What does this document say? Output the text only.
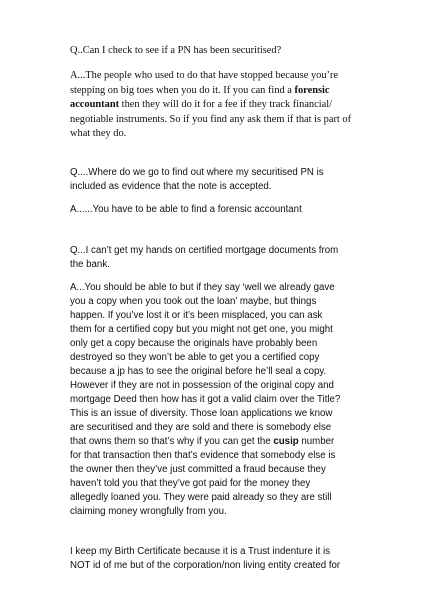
Q..Can I check to see if a PN has been securitised?

A...The people who used to do that have stopped because you’re
stepping on big toes when you do it. If you can find a forensic
accountant then they will do it for a fee if they track financial/
negotiable instruments. So if you find any ask them if that is part of
what they do.

Q....Where do we go to find out where my securitised PN is
included as evidence that the note is accepted.

A......You have to be able to find a forensic accountant

Q...I can’t get my hands on certified mortgage documents from
the bank.

A...You should be able to but if they say ‘well we already gave
you a copy when you took out the loan’ maybe, but things
happen. If you’ve lost it or it’s been misplaced, you can ask
them for a certified copy but you might not get one, you might
only get a copy because the originals have probably been
destroyed so they won’t be able to get you a certified copy
because a jp has to see the original before he’ll seal a copy.
However if they are not in possession of the original copy and
mortgage Deed then how has it got a valid claim over the Title?
This is an issue of diversity. Those loan applications we know
are securitised and they are sold and there is somebody else
that owns them so that’s why if you can get the cusip number
for that transaction then that’s evidence that somebody else is
the owner then they’ve just committed a fraud because they
haven’t told you that they’ve got paid for the money they
allegedly loaned you. They were paid already so they are still
claiming money wrongfully from you.

I keep my Birth Certificate because it is a Trust indenture it is
NOT id of me but of the corporation/non living entity created for
